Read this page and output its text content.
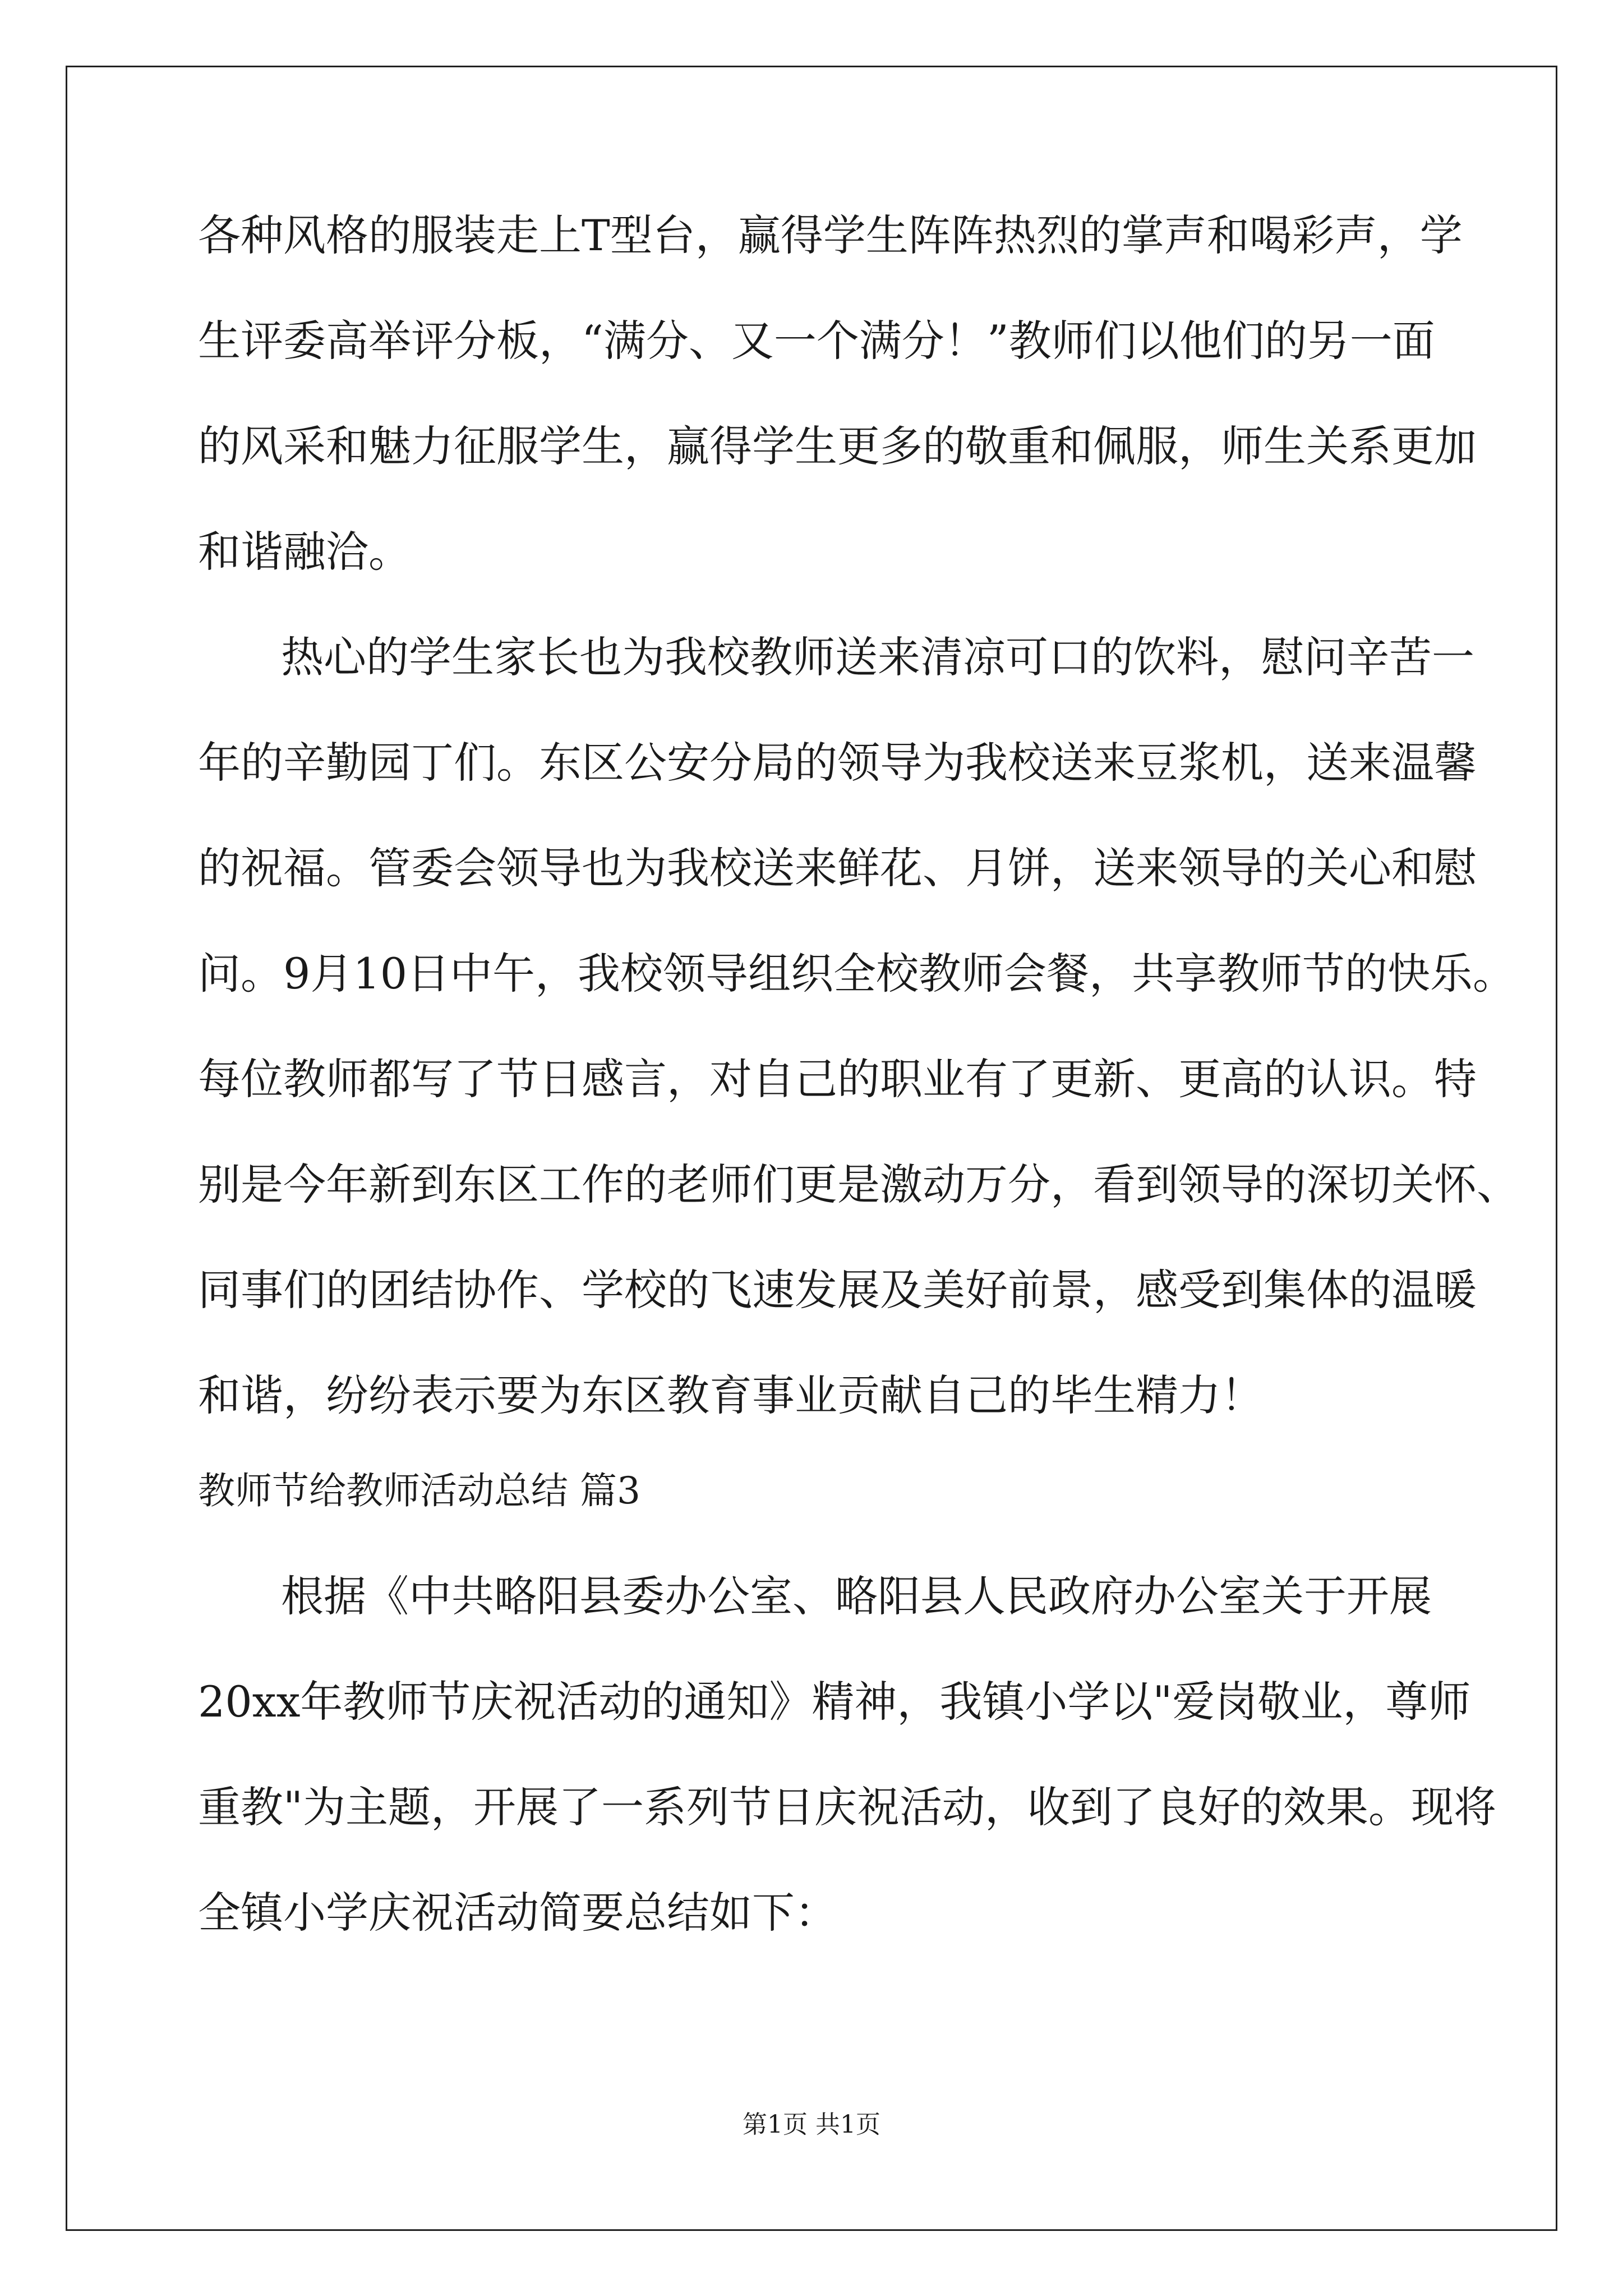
各种风格的服装走上T型台，赢得学生阵阵热烈的掌声和喝彩声，学
生评委高举评分板，“满分、又一个满分！”教师们以他们的另一面
的风采和魅力征服学生，赢得学生更多的敬重和佩服，师生关系更加
和谐融洽。
热心的学生家长也为我校教师送来清凉可口的饮料，慰问辛苦一
年的辛勤园丁们。东区公安分局的领导为我校送来豆浆机，送来温馨
的祝福。管委会领导也为我校送来鲜花、月饼，送来领导的关心和慰
问。9月10日中午，我校领导组织全校教师会餐，共享教师节的快乐。
每位教师都写了节日感言，对自己的职业有了更新、更高的认识。特
别是今年新到东区工作的老师们更是激动万分，看到领导的深切关怀、
同事们的团结协作、学校的飞速发展及美好前景，感受到集体的温暖
和谐，纷纷表示要为东区教育事业贡献自己的毕生精力！
教师节给教师活动总结 篇3
根据《中共略阳县委办公室、略阳县人民政府办公室关于开展
20xx年教师节庆祝活动的通知》精神，我镇小学以"爱岗敬业，尊师
重教"为主题，开展了一系列节日庆祝活动，收到了良好的效果。现将
全镇小学庆祝活动简要总结如下：
第1页 共1页
